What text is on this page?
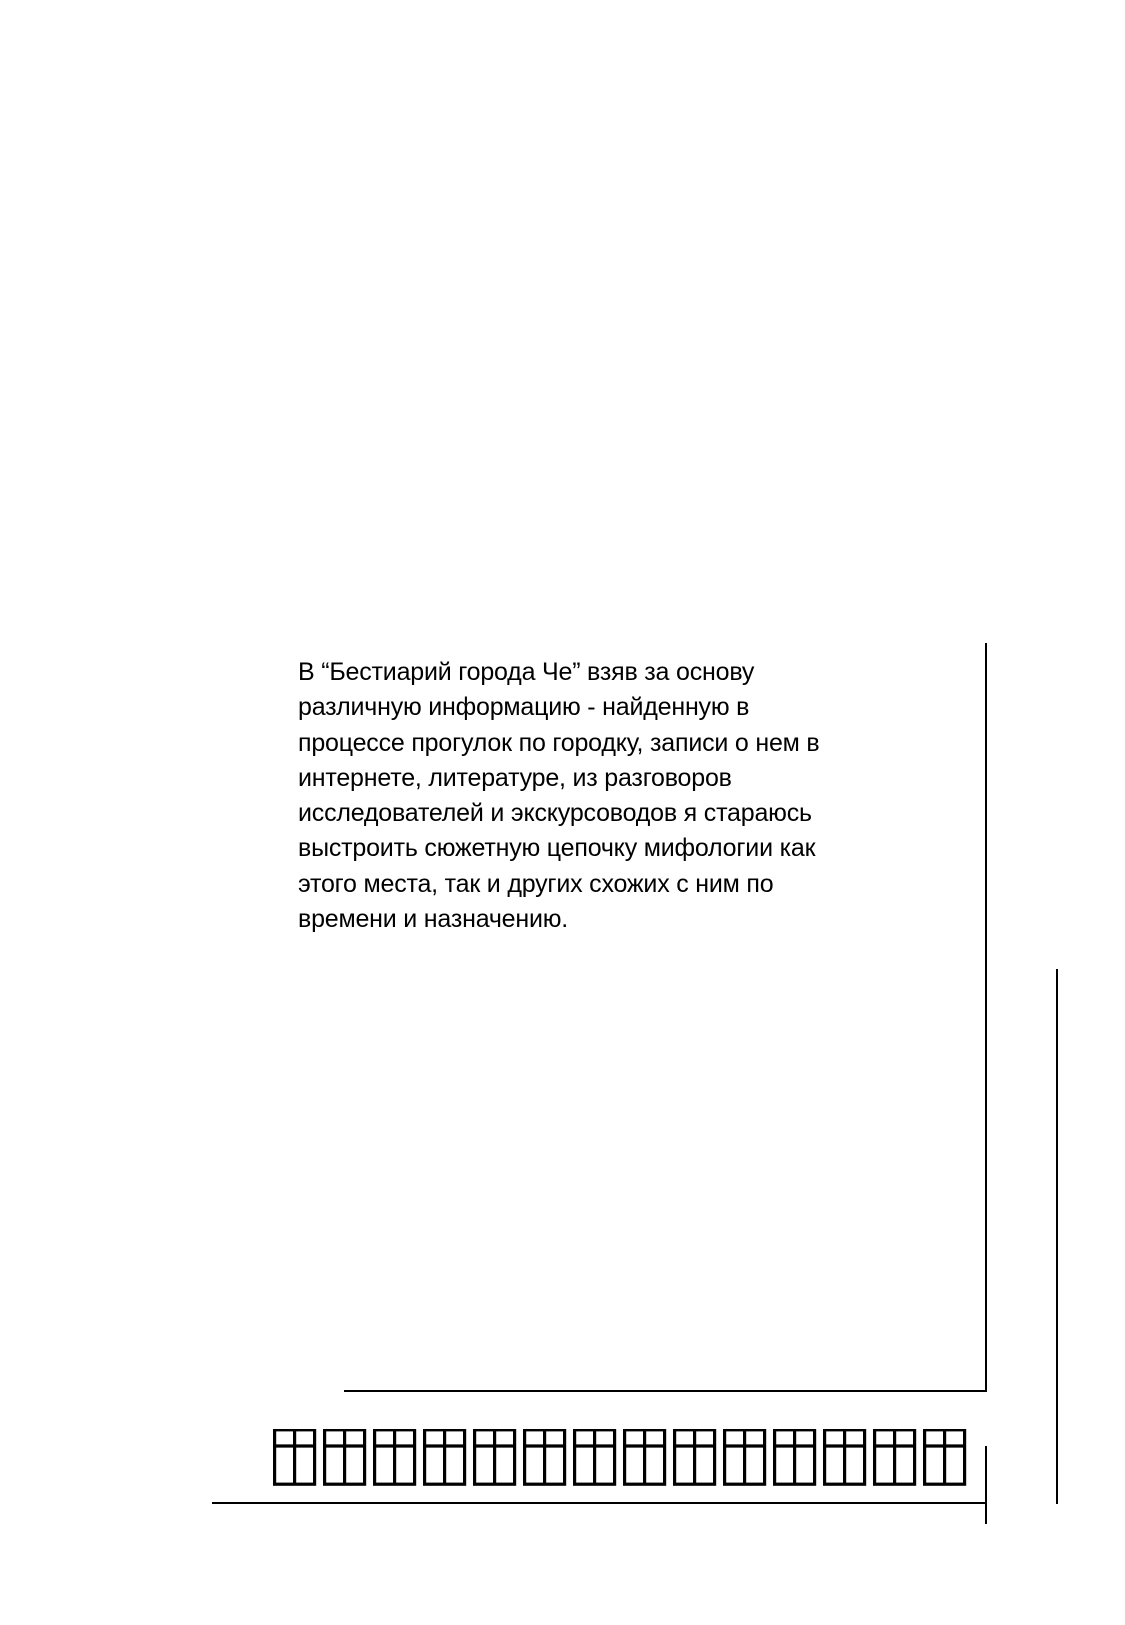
В “Бестиарий города Че” взяв за основу
различную информацию - найденную в
процессе прогулок по городку, записи о нем в
интернете, литературе, из разговоров
исследователей и экскурсоводов я стараюсь
выстроить сюжетную цепочку мифологии как
этого места, так и других схожих с ним по
времени и назначению.
